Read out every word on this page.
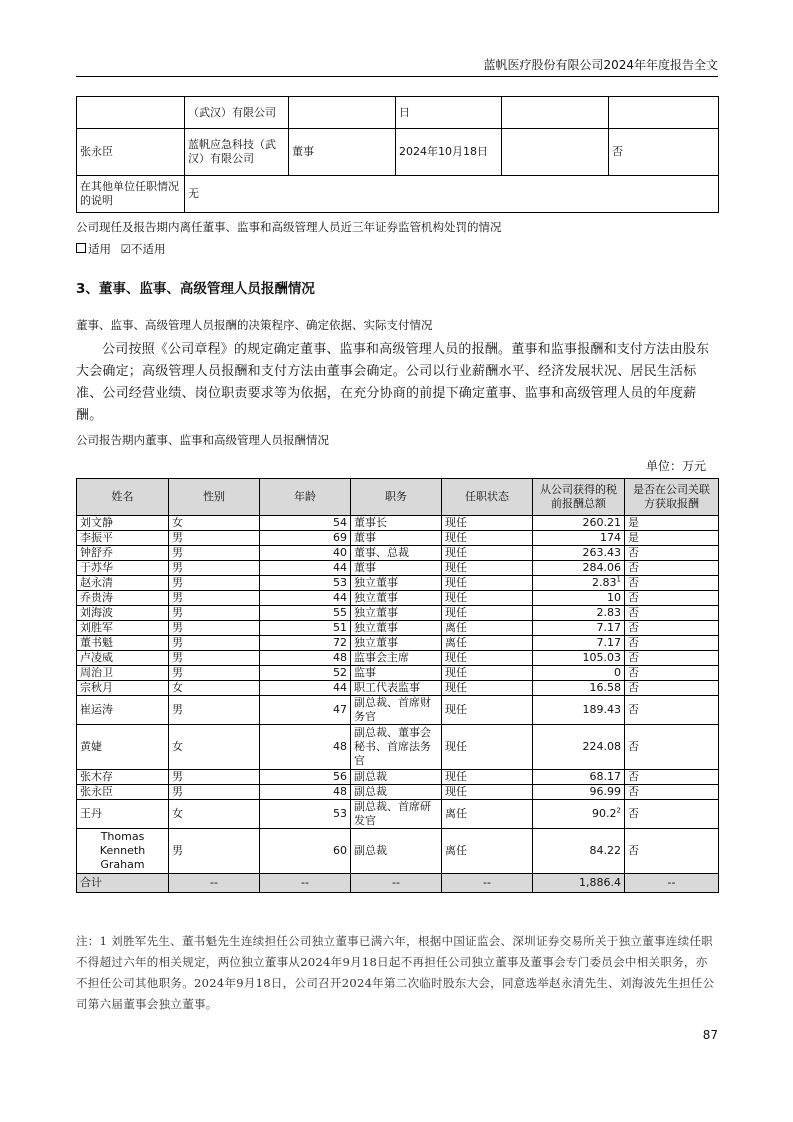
蓝帆医疗股份有限公司2024年年度报告全文
	（武汉）有限公司		日		
张永臣	蓝帆应急科技（武汉）有限公司	董事	2024年10月18日		否
在其他单位任职情况的说明	无				
公司现任及报告期内离任董事、监事和高级管理人员近三年证券监管机构处罚的情况
适用 ☑不适用
3、董事、监事、高级管理人员报酬情况
董事、监事、高级管理人员报酬的决策程序、确定依据、实际支付情况
公司按照《公司章程》的规定确定董事、监事和高级管理人员的报酬。董事和监事报酬和支付方法由股东大会确定；高级管理人员报酬和支付方法由董事会确定。公司以行业薪酬水平、经济发展状况、居民生活标准、公司经营业绩、岗位职责要求等为依据，在充分协商的前提下确定董事、监事和高级管理人员的年度薪酬。
公司报告期内董事、监事和高级管理人员报酬情况
单位：万元
姓名	性别	年龄	职务	任职状态	从公司获得的税前报酬总额	是否在公司关联方获取报酬
刘文静	女	54	董事长	现任	260.21	是
李振平	男	69	董事	现任	174	是
钟舒乔	男	40	董事、总裁	现任	263.43	否
于苏华	男	44	董事	现任	284.06	否
赵永清	男	53	独立董事	现任	2.83$^1$	否
乔贵涛	男	44	独立董事	现任	10	否
刘海波	男	55	独立董事	现任	2.83	否
刘胜军	男	51	独立董事	离任	7.17	否
董书魁	男	72	独立董事	离任	7.17	否
卢凌威	男	48	监事会主席	现任	105.03	否
周治卫	男	52	监事	现任	0	否
宗秋月	女	44	职工代表监事	现任	16.58	否
崔运涛	男	47	副总裁、首席财务官	现任	189.43	否
黄婕	女	48	副总裁、董事会秘书、首席法务官	现任	224.08	否
张木存	男	56	副总裁	现任	68.17	否
张永臣	男	48	副总裁	现任	96.99	否
王丹	女	53	副总裁、首席研发官	离任	90.2$^2$	否
Thomas Kenneth Graham	男	60	副总裁	离任	84.22	否
合计	--	--	--	--	1,886.4	--
注：1 刘胜军先生、董书魁先生连续担任公司独立董事已满六年，根据中国证监会、深圳证券交易所关于独立董事连续任职不得超过六年的相关规定，两位独立董事从2024年9月18日起不再担任公司独立董事及董事会专门委员会中相关职务，亦不担任公司其他职务。2024年9月18日，公司召开2024年第二次临时股东大会，同意选举赵永清先生、刘海波先生担任公司第六届董事会独立董事。
87
